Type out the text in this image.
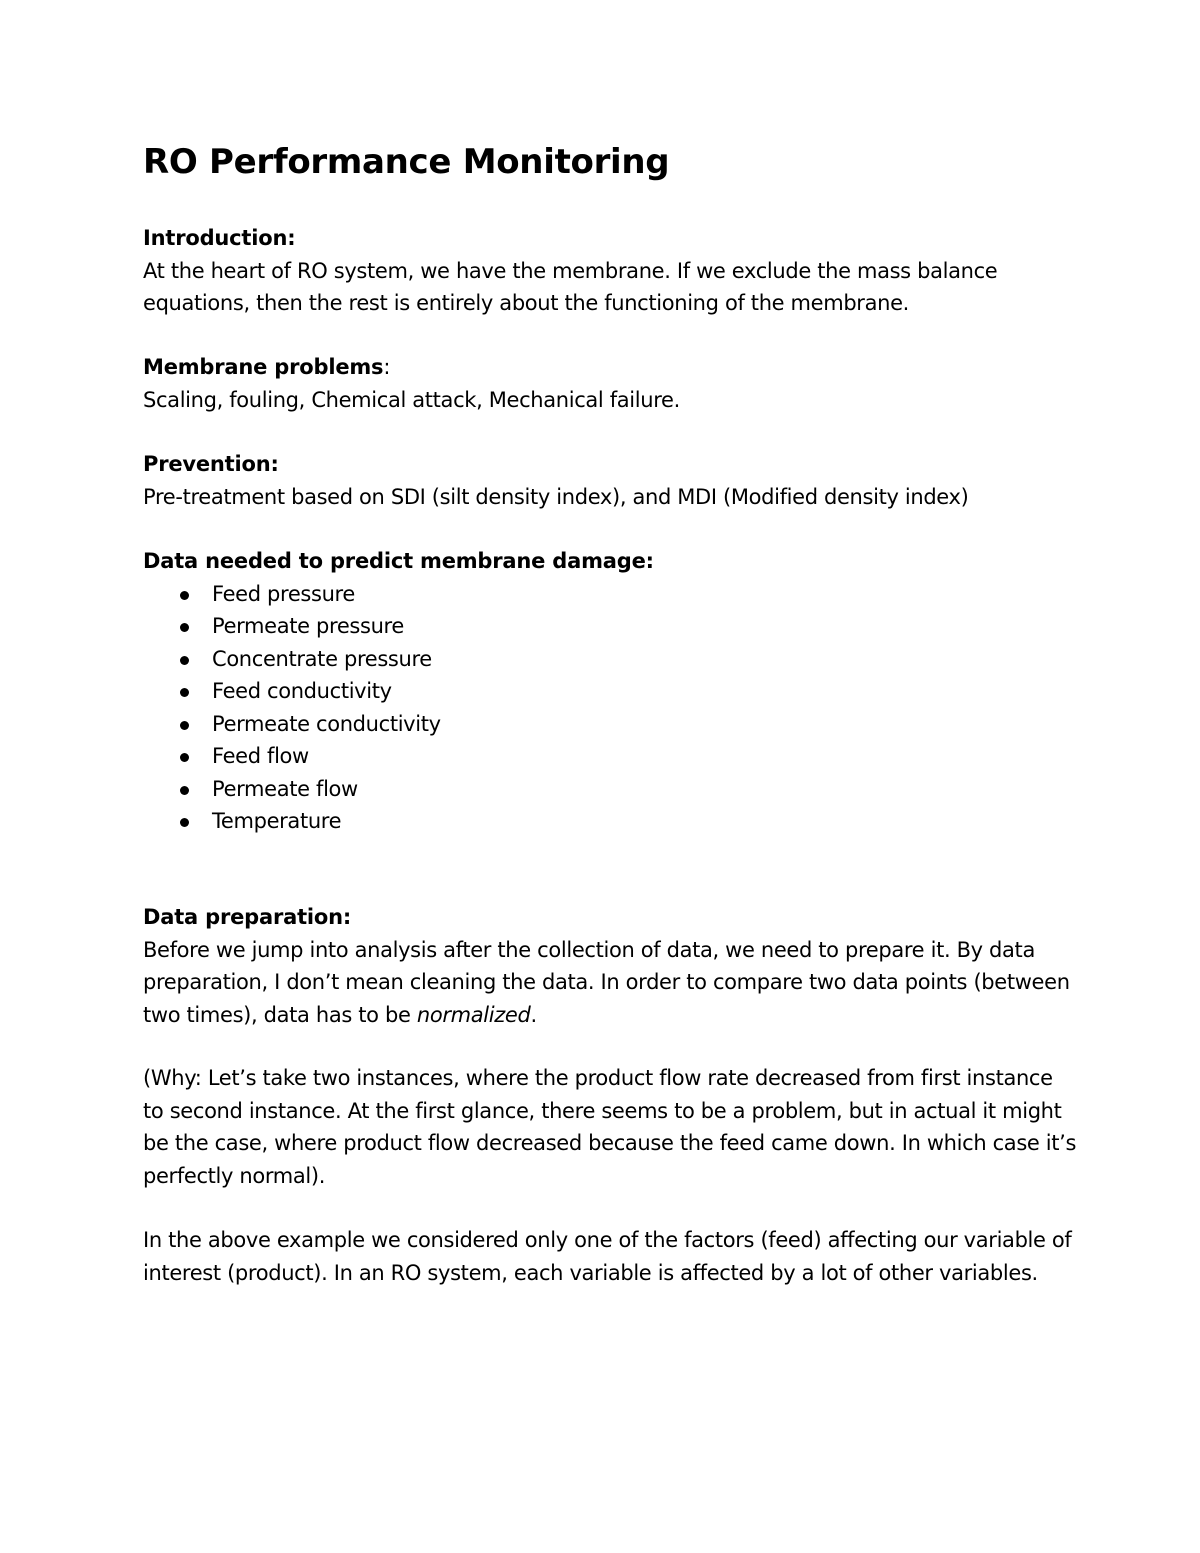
RO Performance Monitoring

Introduction:

At the heart of RO system, we have the membrane. If we exclude the mass balance equations, then the rest is entirely about the functioning of the membrane.

Membrane problems:

Scaling, fouling, Chemical attack, Mechanical failure.

Prevention:

Pre-treatment based on SDI (silt density index), and MDI (Modified density index)

Data needed to predict membrane damage:

Feed pressure
Permeate pressure
Concentrate pressure
Feed conductivity
Permeate conductivity
Feed flow
Permeate flow
Temperature

Data preparation:

Before we jump into analysis after the collection of data, we need to prepare it. By data preparation, I don’t mean cleaning the data. In order to compare two data points (between two times), data has to be normalized.

(Why: Let’s take two instances, where the product flow rate decreased from first instance to second instance. At the first glance, there seems to be a problem, but in actual it might be the case, where product flow decreased because the feed came down. In which case it’s perfectly normal).

In the above example we considered only one of the factors (feed) affecting our variable of interest (product). In an RO system, each variable is affected by a lot of other variables.
